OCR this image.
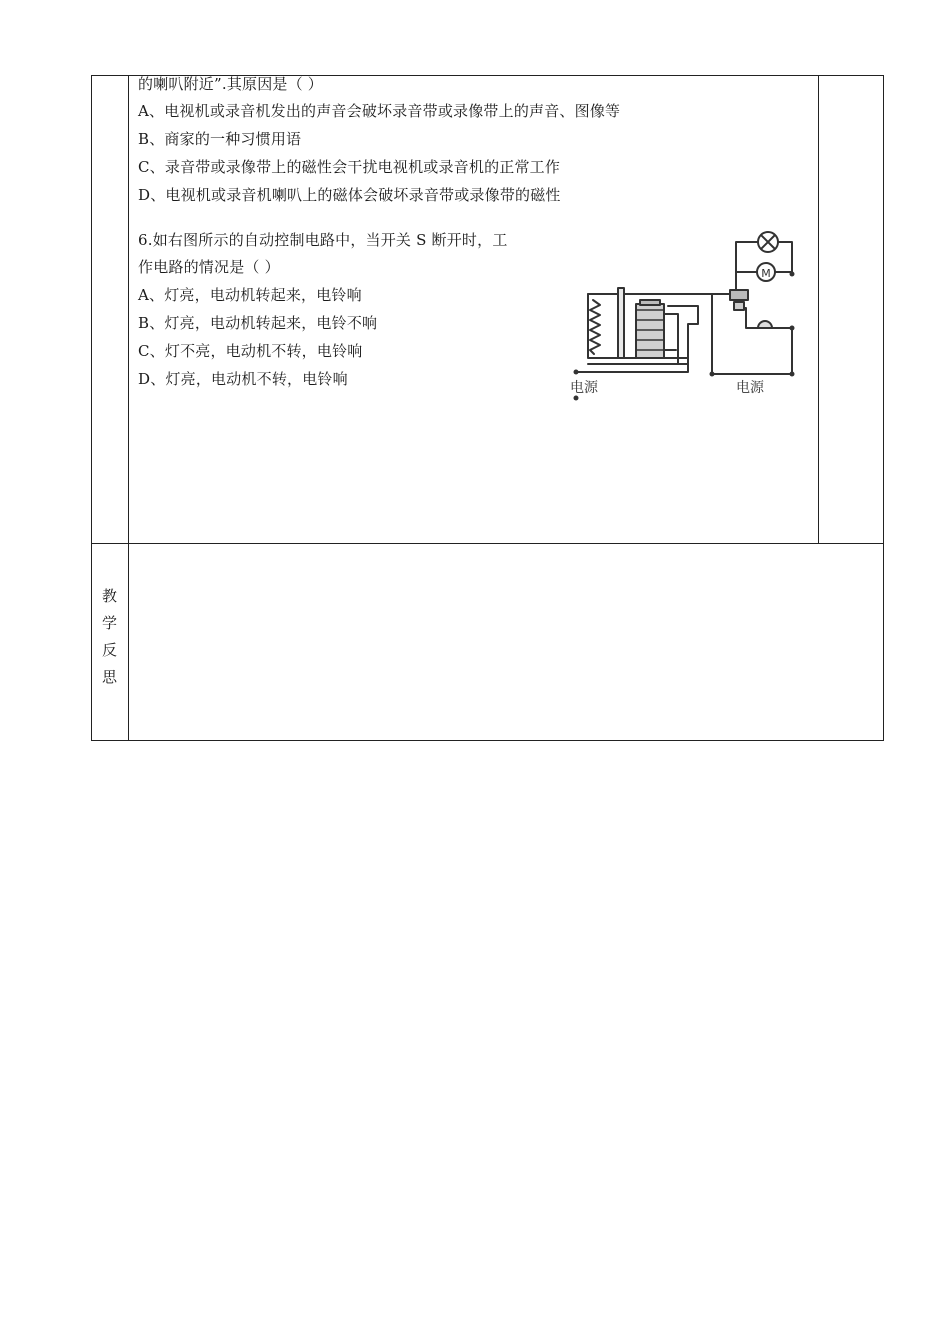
的喇叭附近”.其原因是（ ）
A、电视机或录音机发出的声音会破坏录音带或录像带上的声音、图像等
B、商家的一种习惯用语
C、录音带或录像带上的磁性会干扰电视机或录音机的正常工作
D、电视机或录音机喇叭上的磁体会破坏录音带或录像带的磁性
6.如右图所示的自动控制电路中，当开关 S 断开时，工
作电路的情况是（ ）
A、灯亮，电动机转起来，电铃响
B、灯亮，电动机转起来，电铃不响
C、灯不亮，电动机不转，电铃响
D、灯亮，电动机不转，电铃响
M
电源	电源
教
学
反
思
